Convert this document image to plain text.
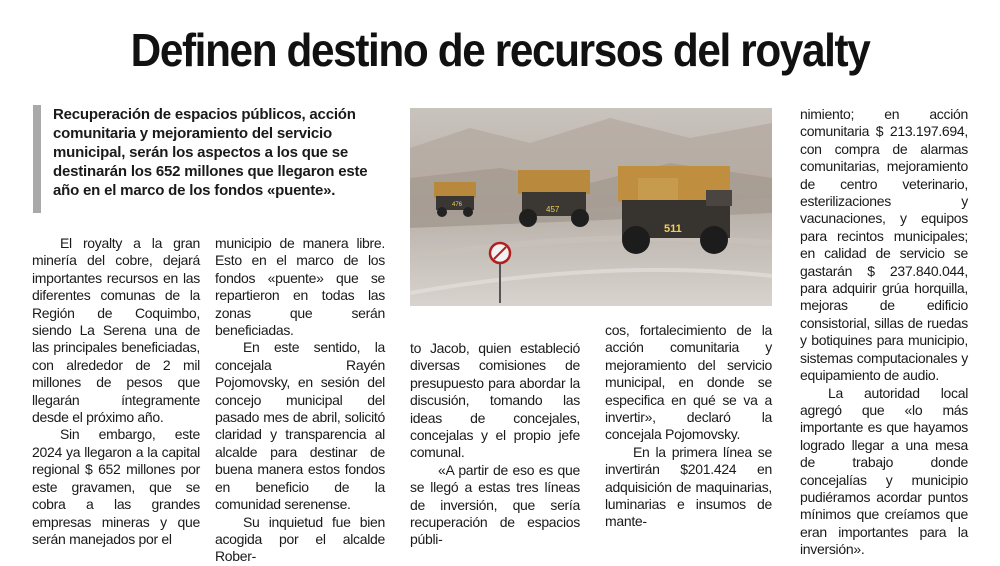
Definen destino de recursos del royalty

Recuperación de espacios públicos, acción comunitaria y mejoramiento del servicio municipal, serán los aspectos a los que se destinarán los 652 millones que llegaron este año en el marco de los fondos «puente».

476	457
511

El royalty a la gran minería del cobre, dejará importantes recursos en las diferentes comunas de la Región de Coquimbo, siendo La Serena una de las principales beneficiadas, con alrededor de 2 mil millones de pesos que llegarán íntegramente desde el próximo año.

Sin embargo, este 2024 ya llegaron a la capital regional $ 652 millones por este gravamen, que se cobra a las grandes empresas mineras y que serán manejados por el

municipio de manera libre. Esto en el marco de los fondos «puente» que se repartieron en todas las zonas que serán beneficiadas.

En este sentido, la concejala Rayén Pojomovsky, en sesión del concejo municipal del pasado mes de abril, solicitó claridad y transparencia al alcalde para destinar de buena manera estos fondos en beneficio de la comunidad serenense.

Su inquietud fue bien acogida por el alcalde Rober-

to Jacob, quien estableció diversas comisiones de presupuesto para abordar la discusión, tomando las ideas de concejales, concejalas y el propio jefe comunal.

«A partir de eso es que se llegó a estas tres líneas de inversión, que sería recuperación de espacios públi-

cos, fortalecimiento de la acción comunitaria y mejoramiento del servicio municipal, en donde se especifica en qué se va a invertir», declaró la concejala Pojomovsky.

En la primera línea se invertirán $201.424 en adquisición de maquinarias, luminarias e insumos de mante-

nimiento; en acción comunitaria $ 213.197.694, con compra de alarmas comunitarias, mejoramiento de centro veterinario, esterilizaciones y vacunaciones, y equipos para recintos municipales; en calidad de servicio se gastarán $ 237.840.044, para adquirir grúa horquilla, mejoras de edificio consistorial, sillas de ruedas y botiquines para municipio, sistemas computacionales y equipamiento de audio.

La autoridad local agregó que «lo más importante es que hayamos logrado llegar a una mesa de trabajo donde concejalías y municipio pudiéramos acordar puntos mínimos que creíamos que eran importantes para la inversión».
